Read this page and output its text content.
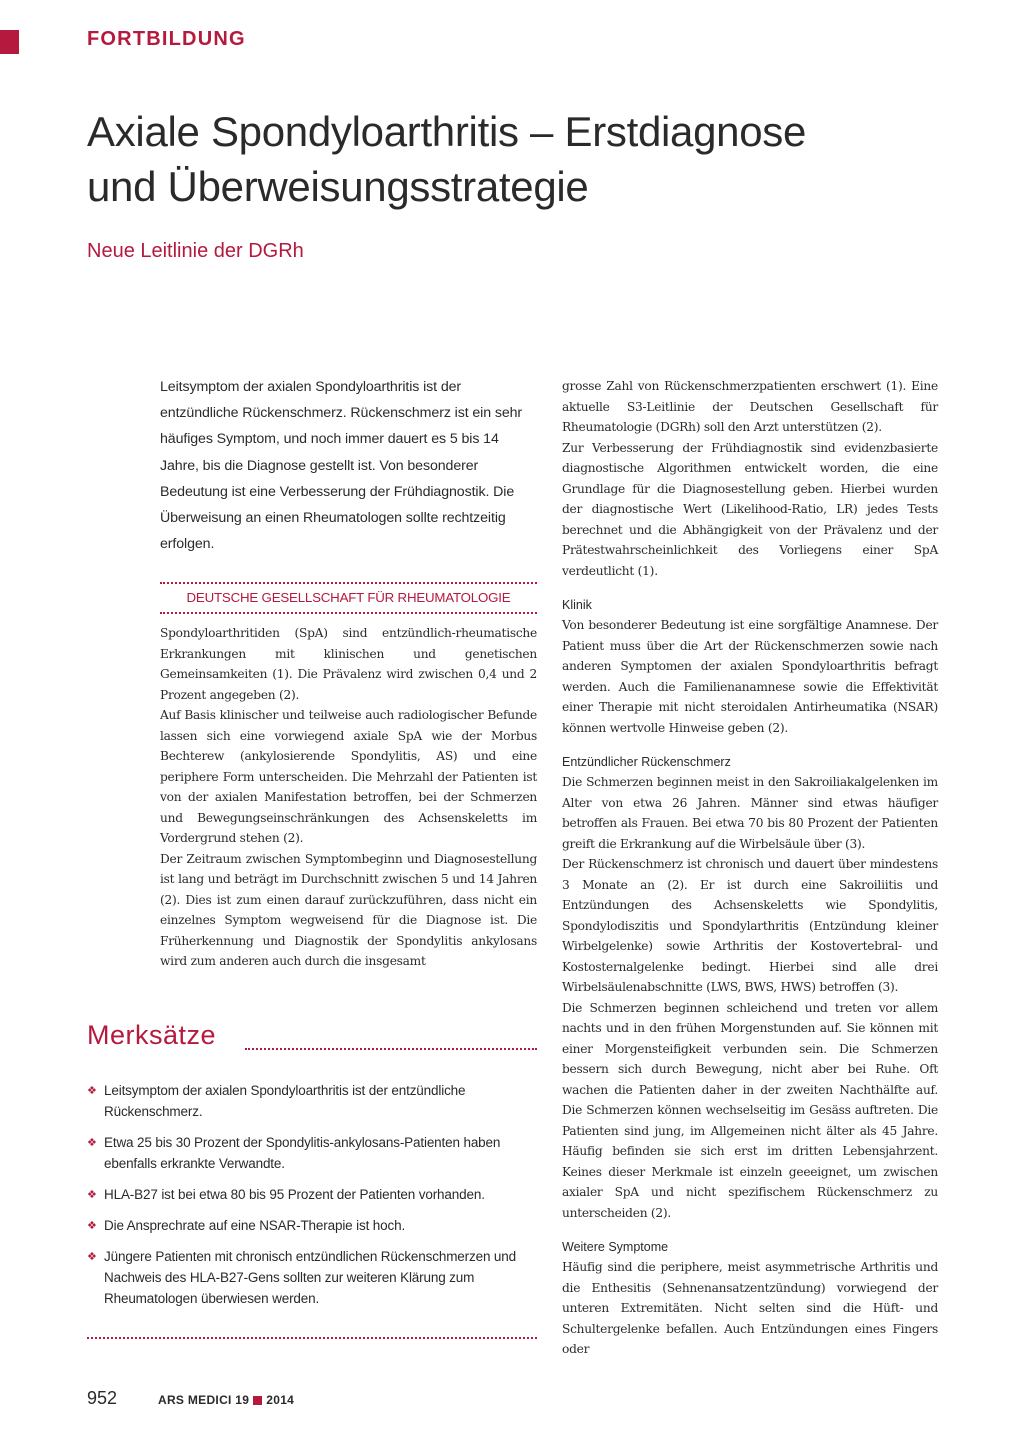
FORTBILDUNG
Axiale Spondyloarthritis – Erstdiagnose
und Überweisungsstrategie
Neue Leitlinie der DGRh

Leitsymptom der axialen Spondyloarthritis ist der entzündliche Rückenschmerz. Rückenschmerz ist ein sehr häufiges Symptom, und noch immer dauert es 5 bis 14 Jahre, bis die Diagnose gestellt ist. Von besonderer Bedeutung ist eine Verbesserung der Frühdiagnostik. Die Überweisung an einen Rheumatologen sollte rechtzeitig erfolgen.

DEUTSCHE GESELLSCHAFT FÜR RHEUMATOLOGIE

Spondyloarthritiden (SpA) sind entzündlich-rheumatische Erkrankungen mit klinischen und genetischen Gemeinsamkeiten (1). Die Prävalenz wird zwischen 0,4 und 2 Prozent angegeben (2).

Auf Basis klinischer und teilweise auch radiologischer Befunde lassen sich eine vorwiegend axiale SpA wie der Morbus Bechterew (ankylosierende Spondylitis, AS) und eine periphere Form unterscheiden. Die Mehrzahl der Patienten ist von der axialen Manifestation betroffen, bei der Schmerzen und Bewegungseinschränkungen des Achsenskeletts im Vordergrund stehen (2).

Der Zeitraum zwischen Symptombeginn und Diagnosestellung ist lang und beträgt im Durchschnitt zwischen 5 und 14 Jahren (2). Dies ist zum einen darauf zurückzuführen, dass nicht ein einzelnes Symptom wegweisend für die Diagnose ist. Die Früherkennung und Diagnostik der Spondylitis ankylosans wird zum anderen auch durch die insgesamt

grosse Zahl von Rückenschmerzpatienten erschwert (1). Eine aktuelle S3-Leitlinie der Deutschen Gesellschaft für Rheumatologie (DGRh) soll den Arzt unterstützen (2).

Zur Verbesserung der Frühdiagnostik sind evidenzbasierte diagnostische Algorithmen entwickelt worden, die eine Grundlage für die Diagnosestellung geben. Hierbei wurden der diagnostische Wert (Likelihood-Ratio, LR) jedes Tests berechnet und die Abhängigkeit von der Prävalenz und der Prätestwahrscheinlichkeit des Vorliegens einer SpA verdeutlicht (1).

Klinik

Von besonderer Bedeutung ist eine sorgfältige Anamnese. Der Patient muss über die Art der Rückenschmerzen sowie nach anderen Symptomen der axialen Spondyloarthritis befragt werden. Auch die Familienanamnese sowie die Effektivität einer Therapie mit nicht steroidalen Antirheumatika (NSAR) können wertvolle Hinweise geben (2).

Entzündlicher Rückenschmerz

Die Schmerzen beginnen meist in den Sakroiliakalgelenken im Alter von etwa 26 Jahren. Männer sind etwas häufiger betroffen als Frauen. Bei etwa 70 bis 80 Prozent der Patienten greift die Erkrankung auf die Wirbelsäule über (3).

Der Rückenschmerz ist chronisch und dauert über mindestens 3 Monate an (2). Er ist durch eine Sakroiliitis und Entzündungen des Achsenskeletts wie Spondylitis, Spondylodiszitis und Spondylarthritis (Entzündung kleiner Wirbelgelenke) sowie Arthritis der Kostovertebral- und Kostosternalgelenke bedingt. Hierbei sind alle drei Wirbelsäulenabschnitte (LWS, BWS, HWS) betroffen (3).

Die Schmerzen beginnen schleichend und treten vor allem nachts und in den frühen Morgenstunden auf. Sie können mit einer Morgensteifigkeit verbunden sein. Die Schmerzen bessern sich durch Bewegung, nicht aber bei Ruhe. Oft wachen die Patienten daher in der zweiten Nachthälfte auf. Die Schmerzen können wechselseitig im Gesäss auftreten. Die Patienten sind jung, im Allgemeinen nicht älter als 45 Jahre. Häufig befinden sie sich erst im dritten Lebensjahrzent. Keines dieser Merkmale ist einzeln geeeignet, um zwischen axialer SpA und nicht spezifischem Rückenschmerz zu unterscheiden (2).

Weitere Symptome

Häufig sind die periphere, meist asymmetrische Arthritis und die Enthesitis (Sehnenansatzentzündung) vorwiegend der unteren Extremitäten. Nicht selten sind die Hüft- und Schultergelenke befallen. Auch Entzündungen eines Fingers oder

Merksätze
❖ Leitsymptom der axialen Spondyloarthritis ist der entzündliche Rückenschmerz.
❖ Etwa 25 bis 30 Prozent der Spondylitis-ankylosans-Patienten haben ebenfalls erkrankte Verwandte.
❖ HLA-B27 ist bei etwa 80 bis 95 Prozent der Patienten vorhanden.
❖ Die Ansprechrate auf eine NSAR-Therapie ist hoch.
❖ Jüngere Patienten mit chronisch entzündlichen Rückenschmerzen und Nachweis des HLA-B27-Gens sollten zur weiteren Klärung zum Rheumatologen überwiesen werden.
952	ARS MEDICI 19 2014
